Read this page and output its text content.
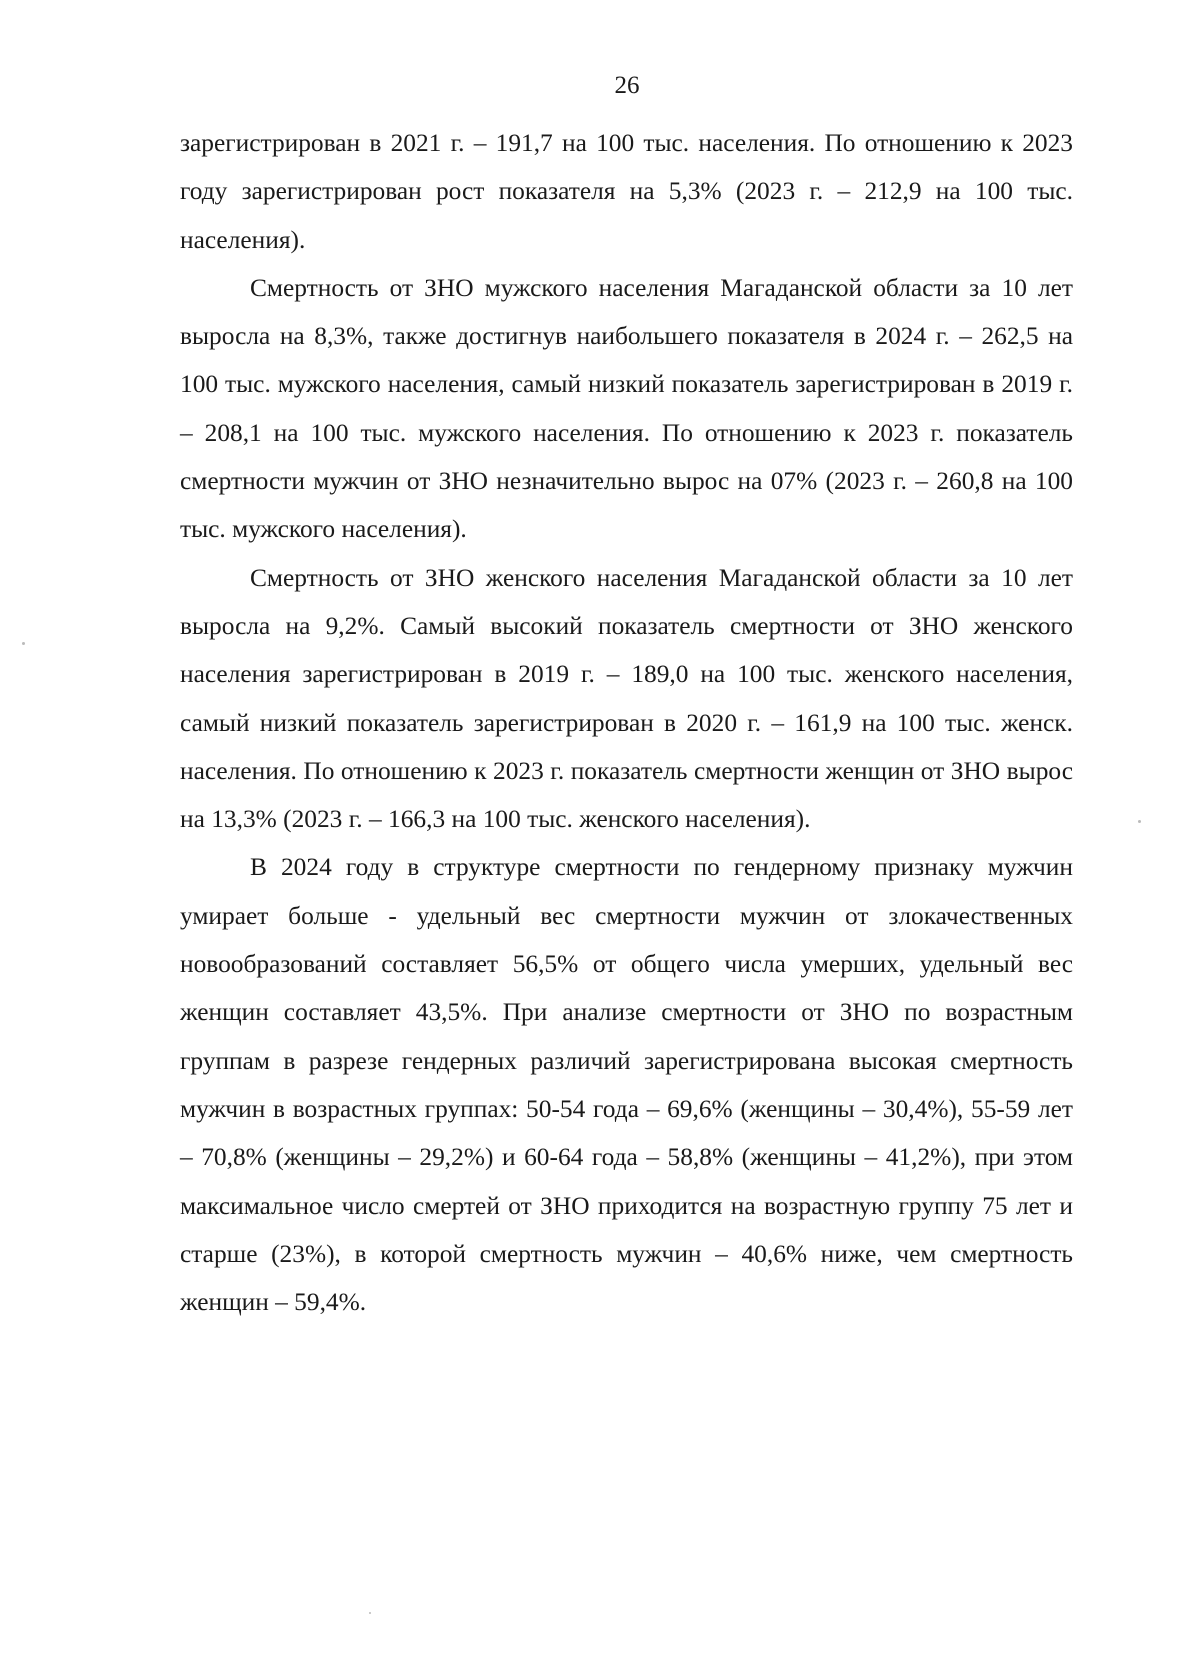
26

зарегистрирован в 2021 г. – 191,7 на 100 тыс. населения. По отношению к 2023 году зарегистрирован рост показателя на 5,3% (2023 г. – 212,9 на 100 тыс. населения).

Смертность от ЗНО мужского населения Магаданской области за 10 лет выросла на 8,3%, также достигнув наибольшего показателя в 2024 г. – 262,5 на 100 тыс. мужского населения, самый низкий показатель зарегистрирован в 2019 г. – 208,1 на 100 тыс. мужского населения. По отношению к 2023 г. показатель смертности мужчин от ЗНО незначительно вырос на 07% (2023 г. – 260,8 на 100 тыс. мужского населения).

Смертность от ЗНО женского населения Магаданской области за 10 лет выросла на 9,2%. Самый высокий показатель смертности от ЗНО женского населения зарегистрирован в 2019 г. – 189,0 на 100 тыс. женского населения, самый низкий показатель зарегистрирован в 2020 г. – 161,9 на 100 тыс. женск. населения. По отношению к 2023 г. показатель смертности женщин от ЗНО вырос на 13,3% (2023 г. – 166,3 на 100 тыс. женского населения).

В 2024 году в структуре смертности по гендерному признаку мужчин умирает больше - удельный вес смертности мужчин от злокачественных новообразований составляет 56,5% от общего числа умерших, удельный вес женщин составляет 43,5%. При анализе смертности от ЗНО по возрастным группам в разрезе гендерных различий зарегистрирована высокая смертность мужчин в возрастных группах: 50-54 года – 69,6% (женщины – 30,4%), 55-59 лет – 70,8% (женщины – 29,2%) и 60-64 года – 58,8% (женщины – 41,2%), при этом максимальное число смертей от ЗНО приходится на возрастную группу 75 лет и старше (23%), в которой смертность мужчин – 40,6% ниже, чем смертность женщин – 59,4%.
